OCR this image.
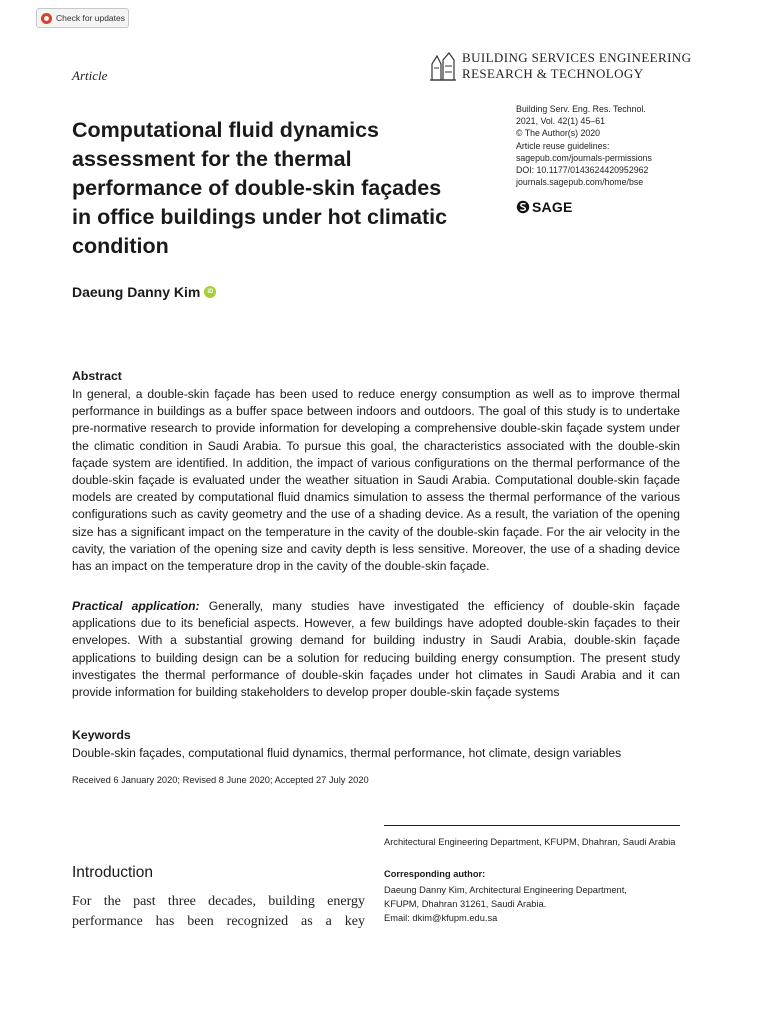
Check for updates
Article
BUILDING SERVICES ENGINEERING
RESEARCH & TECHNOLOGY
Building Serv. Eng. Res. Technol.
2021, Vol. 42(1) 45–61
© The Author(s) 2020
Article reuse guidelines:
sagepub.com/journals-permissions
DOI: 10.1177/0143624420952962
journals.sagepub.com/home/bse
SAGE
Computational fluid dynamics assessment for the thermal performance of double-skin façades in office buildings under hot climatic condition
Daeung Danny Kim	iD
Abstract

In general, a double-skin façade has been used to reduce energy consumption as well as to improve thermal performance in buildings as a buffer space between indoors and outdoors. The goal of this study is to undertake pre-normative research to provide information for developing a comprehensive double-skin façade system under the climatic condition in Saudi Arabia. To pursue this goal, the characteristics associated with the double-skin façade system are identified. In addition, the impact of various configurations on the thermal performance of the double-skin façade is evaluated under the weather situation in Saudi Arabia. Computational double-skin façade models are created by computational fluid dnamics simulation to assess the thermal performance of the various configurations such as cavity geometry and the use of a shading device. As a result, the variation of the opening size has a significant impact on the temperature in the cavity of the double-skin façade. For the air velocity in the cavity, the variation of the opening size and cavity depth is less sensitive. Moreover, the use of a shading device has an impact on the temperature drop in the cavity of the double-skin façade.

Practical application: Generally, many studies have investigated the efficiency of double-skin façade applications due to its beneficial aspects. However, a few buildings have adopted double-skin façades to their envelopes. With a substantial growing demand for building industry in Saudi Arabia, double-skin façade applications to building design can be a solution for reducing building energy consumption. The present study investigates the thermal performance of double-skin façades under hot climates in Saudi Arabia and it can provide information for building stakeholders to develop proper double-skin façade systems

Keywords
Double-skin façades, computational fluid dynamics, thermal performance, hot climate, design variables
Received 6 January 2020; Revised 8 June 2020; Accepted 27 July 2020
Introduction

For the past three decades, building energy performance has been recognized as a key

Architectural Engineering Department, KFUPM, Dhahran, Saudi Arabia
Corresponding author:
Daeung Danny Kim, Architectural Engineering Department,
KFUPM, Dhahran 31261, Saudi Arabia.
Email: dkim@kfupm.edu.sa
